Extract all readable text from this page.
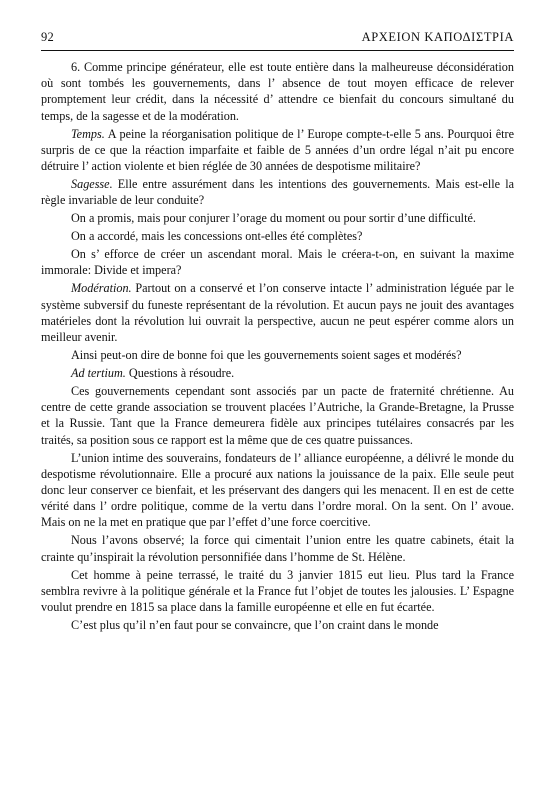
92	ΑΡΧΕΙΟΝ ΚΑΠΟΔΙΣΤΡΙΑ

6. Comme principe générateur, elle est toute entière dans la malheureuse déconsidération où sont tombés les gouvernements, dans l’ absence de tout moyen efficace de relever promptement leur crédit, dans la nécessité d’ attendre ce bienfait du concours simultané du temps, de la sagesse et de la modération.

Temps. A peine la réorganisation politique de l’ Europe compte-t-elle 5 ans. Pourquoi être surpris de ce que la réaction imparfaite et faible de 5 années d’un ordre légal n’ait pu encore détruire l’ action violente et bien réglée de 30 années de despotisme militaire?

Sagesse. Elle entre assurément dans les intentions des gouvernements. Mais est-elle la règle invariable de leur conduite?

On a promis, mais pour conjurer l’orage du moment ou pour sortir d’une difficulté.

On a accordé, mais les concessions ont-elles été complètes?

On s’ efforce de créer un ascendant moral. Mais le créera-t-on, en suivant la maxime immorale: Divide et impera?

Modération. Partout on a conservé et l’on conserve intacte l’ administration léguée par le système subversif du funeste représentant de la révolution. Et aucun pays ne jouit des avantages matérieles dont la révolution lui ouvrait la perspective, aucun ne peut espérer comme alors un meilleur avenir.

Ainsi peut-on dire de bonne foi que les gouvernements soient sages et modérés?

Ad tertium. Questions à résoudre.

Ces gouvernements cependant sont associés par un pacte de fraternité chrétienne. Au centre de cette grande association se trouvent placées l’Autriche, la Grande-Bretagne, la Prusse et la Russie. Tant que la France demeurera fidèle aux principes tutélaires consacrés par les traités, sa position sous ce rapport est la même que de ces quatre puissances.

L’union intime des souverains, fondateurs de l’ alliance européenne, a délivré le monde du despotisme révolutionnaire. Elle a procuré aux nations la jouissance de la paix. Elle seule peut donc leur conserver ce bienfait, et les préservant des dangers qui les menacent. Il en est de cette vérité dans l’ ordre politique, comme de la vertu dans l’ordre moral. On la sent. On l’ avoue. Mais on ne la met en pratique que par l’effet d’une force coercitive.

Nous l’avons observé; la force qui cimentait l’union entre les quatre cabinets, était la crainte qu’inspirait la révolution personnifiée dans l’homme de St. Hélène.

Cet homme à peine terrassé, le traité du 3 janvier 1815 eut lieu. Plus tard la France semblra revivre à la politique générale et la France fut l’objet de toutes les jalousies. L’ Espagne voulut prendre en 1815 sa place dans la famille européenne et elle en fut écartée.

C’est plus qu’il n’en faut pour se convaincre, que l’on craint dans le monde
